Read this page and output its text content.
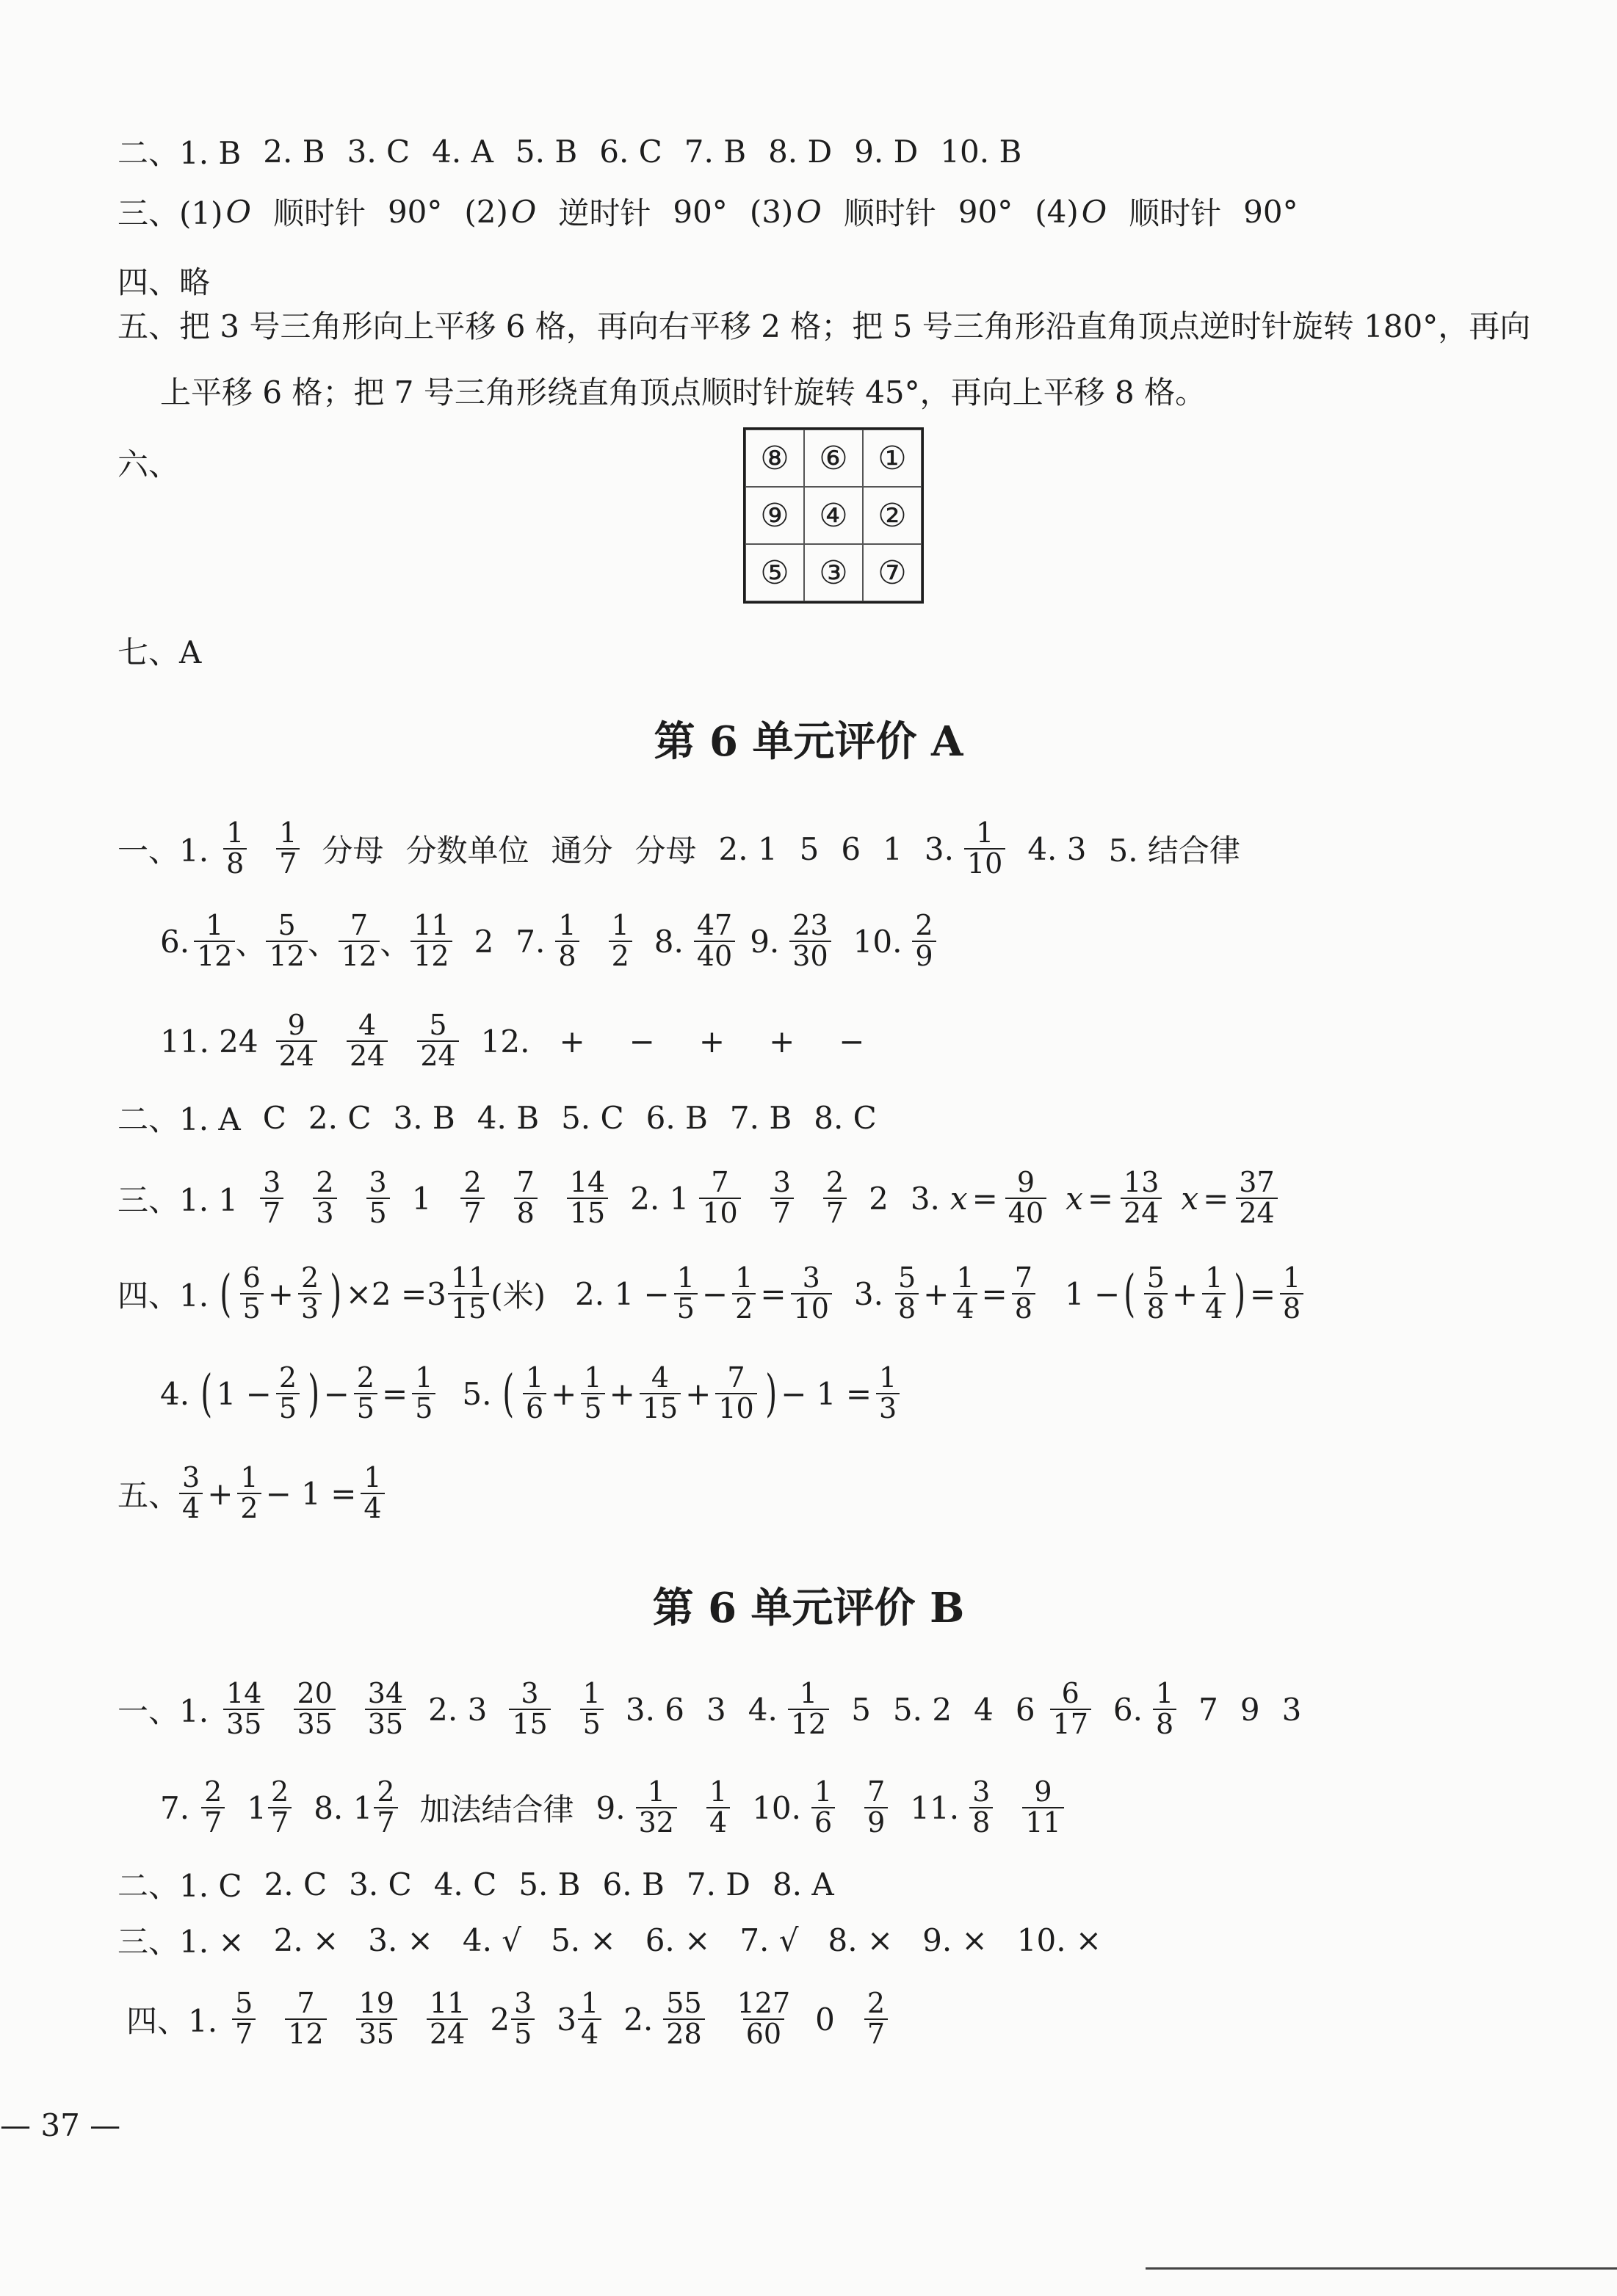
二、1. B 2. B 3. C 4. A 5. B 6. C 7. B 8. D 9. D 10. B
三、(1) O 顺时针 90° (2) O 逆时针 90° (3) O 顺时针 90° (4) O 顺时针 90°
四、略
五、把 3 号三角形向上平移 6 格，再向右平移 2 格；把 5 号三角形沿直角顶点逆时针旋转 180°，再向
上平移 6 格；把 7 号三角形绕直角顶点顺时针旋转 45°，再向上平移 8 格。
六、	⑧ ⑥ ①
⑨ ④ ②
⑤ ③ ⑦
七、A
第 6 单元评价 A
一、1. $\frac{1}{8} \frac{1}{7}$ 分母 分数单位 通分 分母 2. 1 5 6 1 3. $\frac{1}{10} 4$. 3 5. 结合律
6. $\frac{1}{12}$ 、 $\frac{5}{12}$ 、 $\frac{7}{12}$ 、 $\frac{11}{12} 2$ 7. $\frac{1}{8} \frac{1}{2} 8$. $\frac{47}{40} 9$. $\frac{23}{30} 10$. $\frac{2}{9}$
11. $24 \frac{9}{24} \frac{4}{24} \frac{5}{24} 12$. + − + + −
二、1. A C 2. C 3. B 4. B 5. C 6. B 7. B 8. C
三、1. $1 \frac{3}{7} \frac{2}{3} \frac{3}{5} 1 \frac{2}{7} \frac{7}{8} \frac{14}{15} 2$. $1 \frac{7}{10} \frac{3}{7} \frac{2}{7} 2$ 3. $x = \frac{9}{40}$ $x = \frac{13}{24}$ $x = \frac{37}{24}$
四、1. ( $\frac{6}{5} + \frac{2}{3}$ ) $\times 2 =3 \frac{11}{15}$ (米) 2. $1 - \frac{1}{5} - \frac{1}{2} = \frac{3}{10} 3$. $\frac{5}{8} + \frac{1}{4} = \frac{7}{8} 1$ − ( $\frac{5}{8} + \frac{1}{4}$ ) = $\frac{1}{8}$
4. ( $1 - \frac{2}{5}$ ) − $\frac{2}{5} = \frac{1}{5} 5$. ( $\frac{1}{6} + \frac{1}{5} + \frac{4}{15} + \frac{7}{10}$ ) − $1 = \frac{1}{3}$
五、 $\frac{3}{4} + \frac{1}{2} - 1 = \frac{1}{4}$
第 6 单元评价 B
一、1. $\frac{14}{35} \frac{20}{35} \frac{34}{35} 2$. $3 \frac{3}{15} \frac{1}{5} 3$. 6 3 4. $\frac{1}{12} 5$ 5. 2 4 $6 \frac{6}{17} 6$. $\frac{1}{8} 7$ 9 3
7. $\frac{2}{7} 1 \frac{2}{7} 8$. $1 \frac{2}{7}$ 加法结合律 9. $\frac{1}{32} \frac{1}{4} 10$. $\frac{1}{6} \frac{7}{9} 11$. $\frac{3}{8} \frac{9}{11}$
二、1. C 2. C 3. C 4. C 5. B 6. B 7. D 8. A
三、1. × 2. × 3. × 4. √ 5. × 6. × 7. √ 8. × 9. × 10. ×
四、1. $\frac{5}{7} \frac{7}{12} \frac{19}{35} \frac{11}{24} 2 \frac{3}{5} 3 \frac{1}{4} 2$. $\frac{55}{28} \frac{127}{60} 0 \frac{2}{7}$
— 37 —
